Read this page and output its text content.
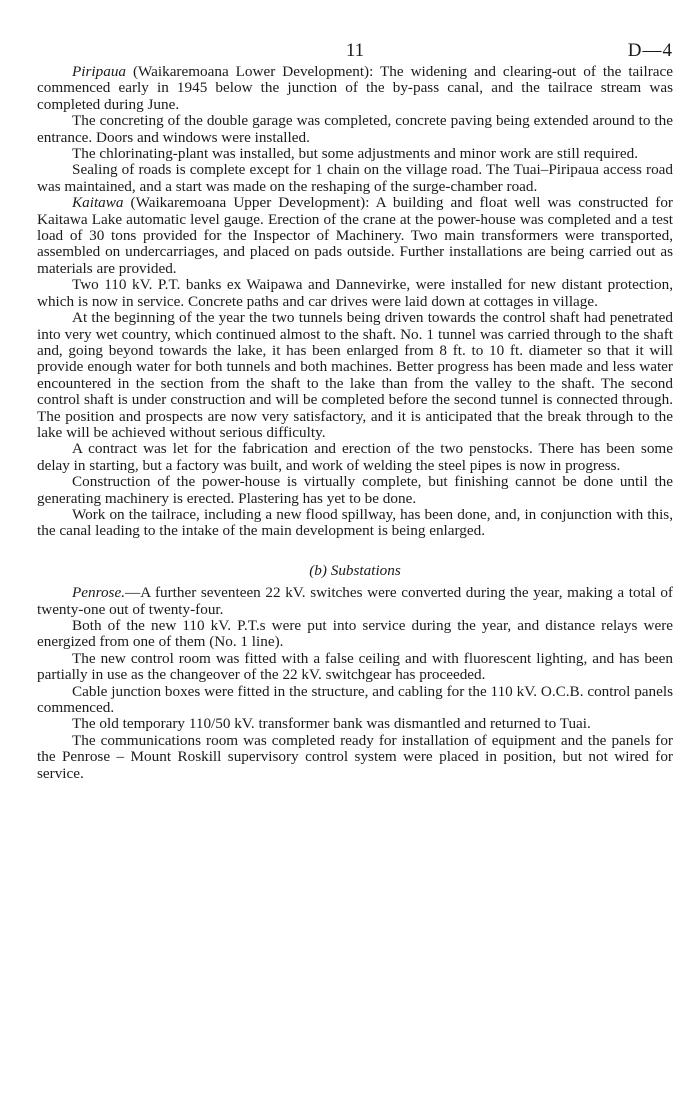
11	D—4

Piripaua (Waikaremoana Lower Development): The widening and clearing-out of the tailrace commenced early in 1945 below the junction of the by-pass canal, and the tailrace stream was completed during June.

The concreting of the double garage was completed, concrete paving being extended around to the entrance. Doors and windows were installed.

The chlorinating-plant was installed, but some adjustments and minor work are still required.

Sealing of roads is complete except for 1 chain on the village road. The Tuai–Piripaua access road was maintained, and a start was made on the reshaping of the surge-chamber road.

Kaitawa (Waikaremoana Upper Development): A building and float well was constructed for Kaitawa Lake automatic level gauge. Erection of the crane at the power-house was completed and a test load of 30 tons provided for the Inspector of Machinery. Two main transformers were transported, assembled on undercarriages, and placed on pads outside. Further installations are being carried out as materials are provided.

Two 110 kV. P.T. banks ex Waipawa and Dannevirke, were installed for new distant protection, which is now in service. Concrete paths and car drives were laid down at cottages in village.

At the beginning of the year the two tunnels being driven towards the control shaft had penetrated into very wet country, which continued almost to the shaft. No. 1 tunnel was carried through to the shaft and, going beyond towards the lake, it has been enlarged from 8 ft. to 10 ft. diameter so that it will provide enough water for both tunnels and both machines. Better progress has been made and less water encountered in the section from the shaft to the lake than from the valley to the shaft. The second control shaft is under construction and will be completed before the second tunnel is connected through. The position and prospects are now very satisfactory, and it is anticipated that the break through to the lake will be achieved without serious difficulty.

A contract was let for the fabrication and erection of the two penstocks. There has been some delay in starting, but a factory was built, and work of welding the steel pipes is now in progress.

Construction of the power-house is virtually complete, but finishing cannot be done until the generating machinery is erected. Plastering has yet to be done.

Work on the tailrace, including a new flood spillway, has been done, and, in conjunction with this, the canal leading to the intake of the main development is being enlarged.

(b) Substations

Penrose.—A further seventeen 22 kV. switches were converted during the year, making a total of twenty-one out of twenty-four.

Both of the new 110 kV. P.T.s were put into service during the year, and distance relays were energized from one of them (No. 1 line).

The new control room was fitted with a false ceiling and with fluorescent lighting, and has been partially in use as the changeover of the 22 kV. switchgear has proceeded.

Cable junction boxes were fitted in the structure, and cabling for the 110 kV. O.C.B. control panels commenced.

The old temporary 110/50 kV. transformer bank was dismantled and returned to Tuai.

The communications room was completed ready for installation of equipment and the panels for the Penrose – Mount Roskill supervisory control system were placed in position, but not wired for service.
